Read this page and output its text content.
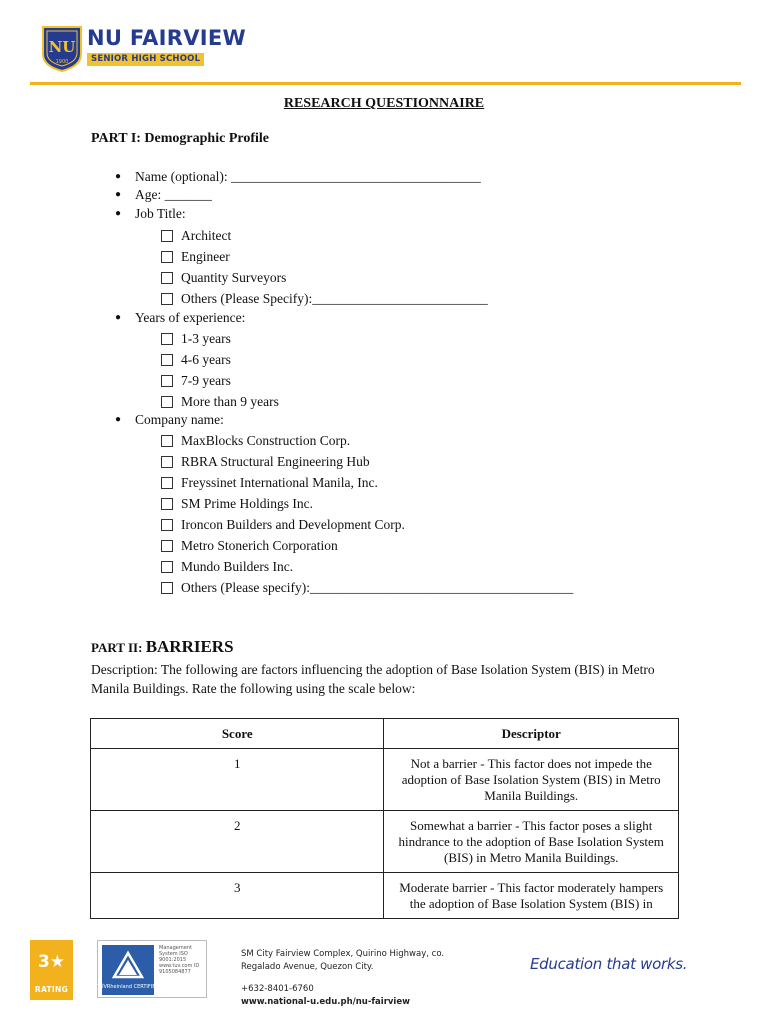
NU
1900
NU FAIRVIEW
SENIOR HIGH SCHOOL
RESEARCH QUESTIONNAIRE
PART I: Demographic Profile
● Name (optional): _____________________________________
● Age: _______
● Job Title:
Architect
Engineer
Quantity Surveyors
Others (Please Specify):__________________________
● Years of experience:
1-3 years
4-6 years
7-9 years
More than 9 years
● Company name:
MaxBlocks Construction Corp.
RBRA Structural Engineering Hub
Freyssinet International Manila, Inc.
SM Prime Holdings Inc.
Ironcon Builders and Development Corp.
Metro Stonerich Corporation
Mundo Builders Inc.
Others (Please specify):_______________________________________
PART II: BARRIERS
Description: The following are factors influencing the adoption of Base Isolation System (BIS) in Metro Manila Buildings. Rate the following using the scale below:
Score	Descriptor
1	Not a barrier - This factor does not impede the adoption of Base Isolation System (BIS) in Metro Manila Buildings.
2	Somewhat a barrier - This factor poses a slight hindrance to the adoption of Base Isolation System (BIS) in Metro Manila Buildings.
3	Moderate barrier - This factor moderately hampers the adoption of Base Isolation System (BIS) in
3★
RATING	TÜVRheinland CERTIFIED
Management System ISO 9001:2015 www.tuv.com ID 9105084877
SM City Fairview Complex, Quirino Highway, co.
Regalado Avenue, Quezon City.
+632-8401-6760
www.national-u.edu.ph/nu-fairview
Education that works.
